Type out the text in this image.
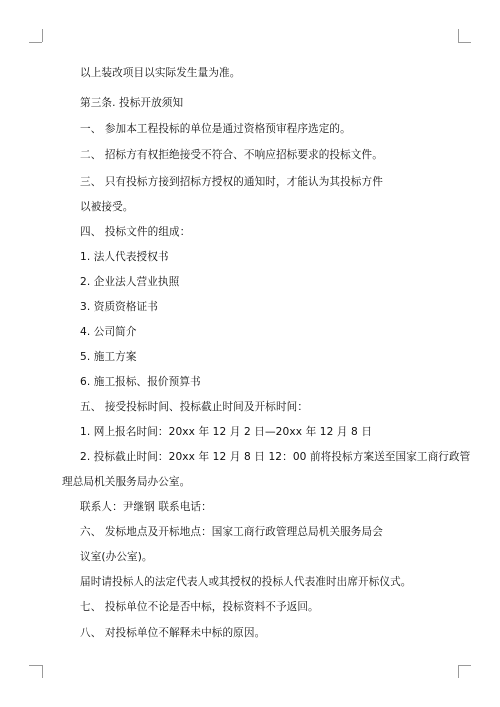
以上装改项目以实际发生量为准。
第三条. 投标开放须知
一、 参加本工程投标的单位是通过资格预审程序选定的。
二、 招标方有权拒绝接受不符合、不响应招标要求的投标文件。
三、 只有投标方接到招标方授权的通知时，才能认为其投标方件
以被接受。
四、 投标文件的组成：
1. 法人代表授权书
2. 企业法人营业执照
3. 资质资格证书
4. 公司简介
5. 施工方案
6. 施工报标、报价预算书
五、 接受投标时间、投标截止时间及开标时间：
1. 网上报名时间：20xx 年 12 月 2 日—20xx 年 12 月 8 日
2. 投标截止时间：20xx 年 12 月 8 日 12：00 前将投标方案送至国家工商行政管
理总局机关服务局办公室。
联系人：尹继钢 联系电话：
六、 发标地点及开标地点：国家工商行政管理总局机关服务局会
议室(办公室)。
届时请投标人的法定代表人或其授权的投标人代表准时出席开标仪式。
七、 投标单位不论是否中标，投标资料不予返回。
八、 对投标单位不解释未中标的原因。
